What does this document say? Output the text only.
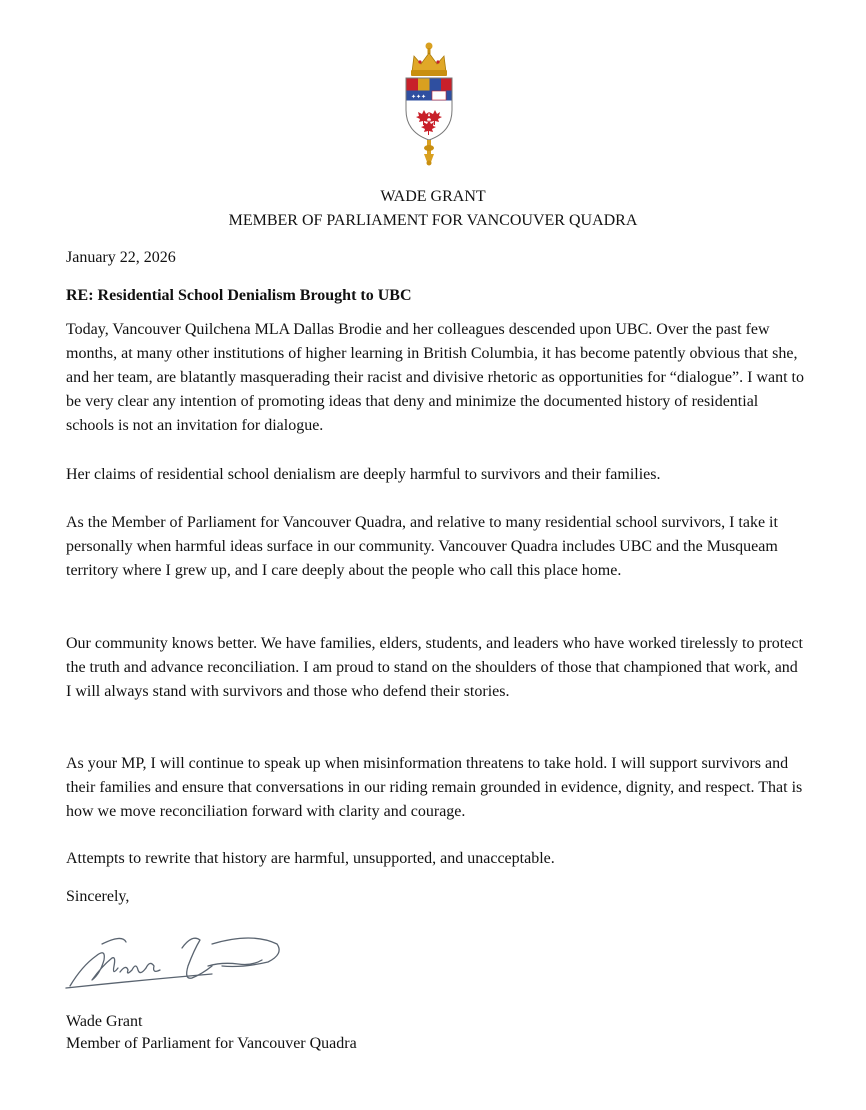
✦✦✦
WADE GRANT
MEMBER OF PARLIAMENT FOR VANCOUVER QUADRA

January 22, 2026

RE: Residential School Denialism Brought to UBC

Today, Vancouver Quilchena MLA Dallas Brodie and her colleagues descended upon UBC. Over the past few months, at many other institutions of higher learning in British Columbia, it has become patently obvious that she, and her team, are blatantly masquerading their racist and divisive rhetoric as opportunities for “dialogue”. I want to be very clear any intention of promoting ideas that deny and minimize the documented history of residential schools is not an invitation for dialogue.

Her claims of residential school denialism are deeply harmful to survivors and their families.

As the Member of Parliament for Vancouver Quadra, and relative to many residential school survivors, I take it personally when harmful ideas surface in our community. Vancouver Quadra includes UBC and the Musqueam territory where I grew up, and I care deeply about the people who call this place home.

Our community knows better. We have families, elders, students, and leaders who have worked tirelessly to protect the truth and advance reconciliation. I am proud to stand on the shoulders of those that championed that work, and I will always stand with survivors and those who defend their stories.

As your MP, I will continue to speak up when misinformation threatens to take hold. I will support survivors and their families and ensure that conversations in our riding remain grounded in evidence, dignity, and respect. That is how we move reconciliation forward with clarity and courage.

Attempts to rewrite that history are harmful, unsupported, and unacceptable.

Sincerely,

Wade Grant

Member of Parliament for Vancouver Quadra
